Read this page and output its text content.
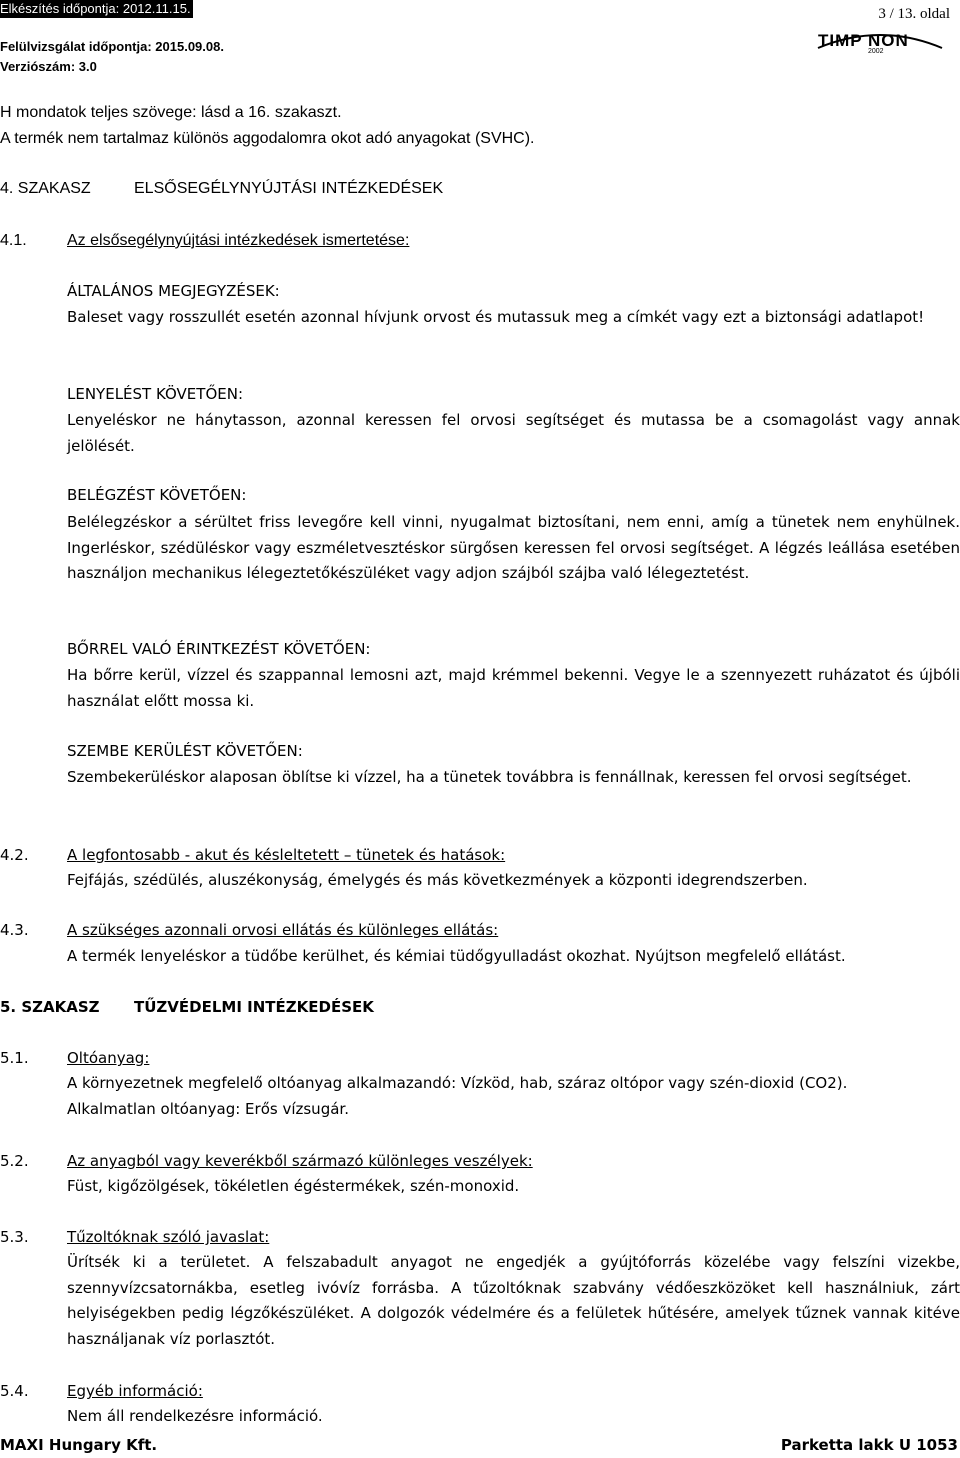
Elkészítés időpontja: 2012.11.15.
Felülvizsgálat időpontja: 2015.09.08.
Verziószám: 3.0
3 / 13. oldal
TIMP NON
2002
H mondatok teljes szövege: lásd a 16. szakaszt.
A termék nem tartalmaz különös aggodalomra okot adó anyagokat (SVHC).
4. SZAKASZ	ELSŐSEGÉLYNYÚJTÁSI INTÉZKEDÉSEK
4.1.	Az elsősegélynyújtási intézkedések ismertetése:
ÁLTALÁNOS MEGJEGYZÉSEK:
Baleset vagy rosszullét esetén azonnal hívjunk orvost és mutassuk meg a címkét vagy ezt a biztonsági adatlapot!
LENYELÉST KÖVETŐEN:
Lenyeléskor ne hánytasson, azonnal keressen fel orvosi segítséget és mutassa be a csomagolást vagy annak jelölését.
BELÉGZÉST KÖVETŐEN:
Belélegzéskor a sérültet friss levegőre kell vinni, nyugalmat biztosítani, nem enni, amíg a tünetek nem enyhülnek. Ingerléskor, szédüléskor vagy eszméletvesztéskor sürgősen keressen fel orvosi segítséget. A légzés leállása esetében használjon mechanikus lélegeztetőkészüléket vagy adjon szájból szájba való lélegeztetést.
BŐRREL VALÓ ÉRINTKEZÉST KÖVETŐEN:
Ha bőrre kerül, vízzel és szappannal lemosni azt, majd krémmel bekenni. Vegye le a szennyezett ruházatot és újbóli használat előtt mossa ki.
SZEMBE KERÜLÉST KÖVETŐEN:
Szembekerüléskor alaposan öblítse ki vízzel, ha a tünetek továbbra is fennállnak, keressen fel orvosi segítséget.
4.2.	A legfontosabb - akut és késleltetett – tünetek és hatások:
Fejfájás, szédülés, aluszékonyság, émelygés és más következmények a központi idegrendszerben.
4.3.	A szükséges azonnali orvosi ellátás és különleges ellátás:
A termék lenyeléskor a tüdőbe kerülhet, és kémiai tüdőgyulladást okozhat. Nyújtson megfelelő ellátást.
5. SZAKASZ TŰZVÉDELMI INTÉZKEDÉSEK
5.1.	Oltóanyag:
A környezetnek megfelelő oltóanyag alkalmazandó: Vízköd, hab, száraz oltópor vagy szén-dioxid (CO2).
Alkalmatlan oltóanyag: Erős vízsugár.
5.2.	Az anyagból vagy keverékből származó különleges veszélyek:
Füst, kigőzölgések, tökéletlen égéstermékek, szén-monoxid.
5.3.	Tűzoltóknak szóló javaslat:
Ürítsék ki a területet. A felszabadult anyagot ne engedjék a gyújtóforrás közelébe vagy felszíni vizekbe, szennyvízcsatornákba, esetleg ivóvíz forrásba. A tűzoltóknak szabvány védőeszközöket kell használniuk, zárt helyiségekben pedig légzőkészüléket. A dolgozók védelmére és a felületek hűtésére, amelyek tűznek vannak kitéve használjanak víz porlasztót.
5.4.	Egyéb információ:
Nem áll rendelkezésre információ.
MAXI Hungary Kft.	Parketta lakk U 1053
